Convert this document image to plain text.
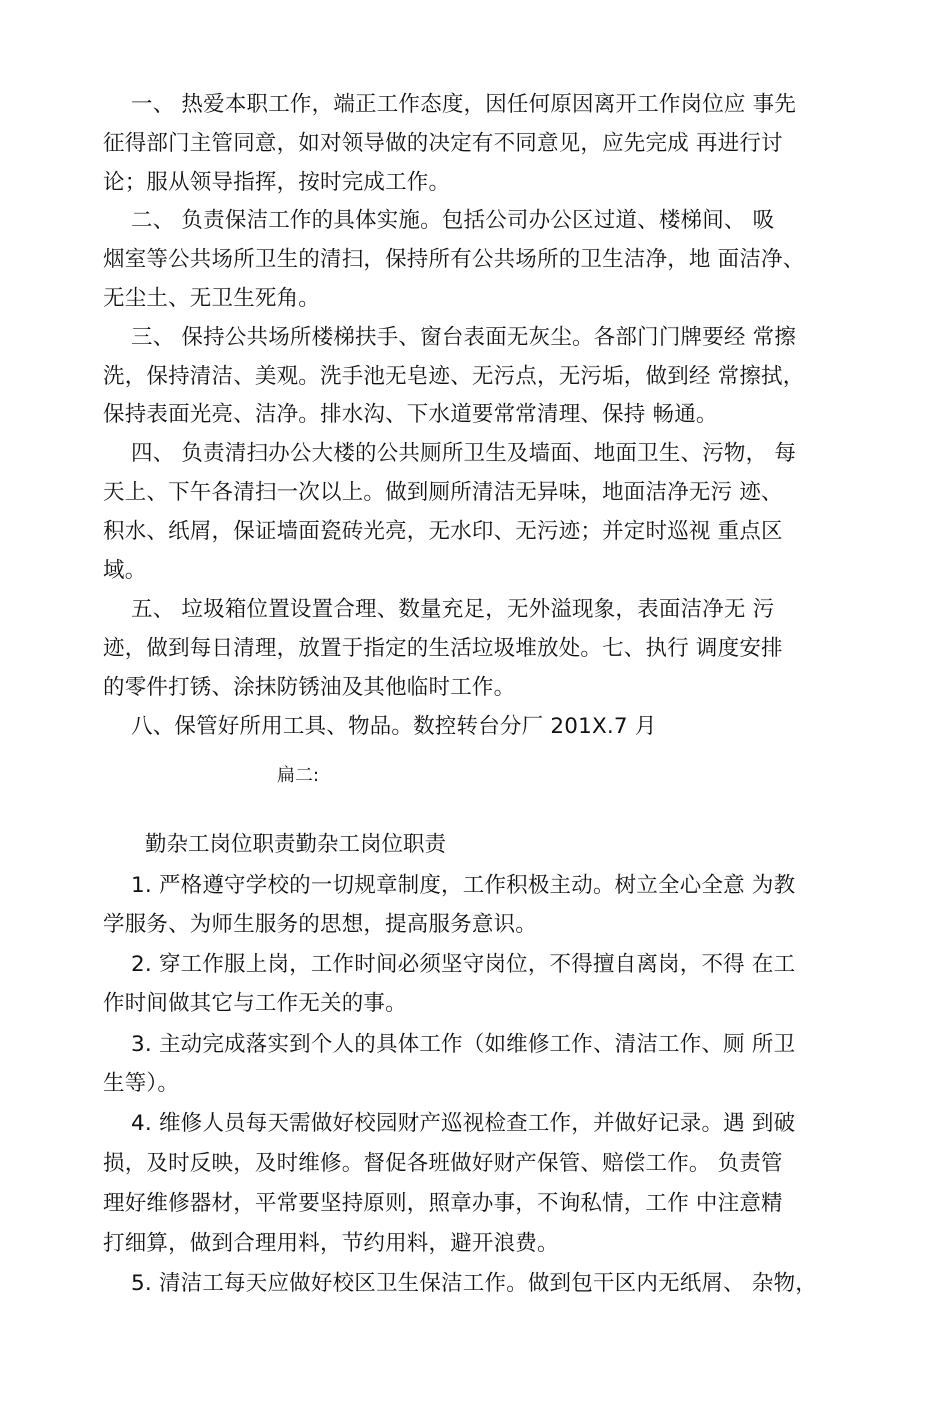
一、 热爱本职工作，端正工作态度，因任何原因离开工作岗位应 事先
征得部门主管同意，如对领导做的决定有不同意见，应先完成 再进行讨
论；服从领导指挥，按时完成工作。
二、 负责保洁工作的具体实施。包括公司办公区过道、楼梯间、 吸
烟室等公共场所卫生的清扫，保持所有公共场所的卫生洁净，地 面洁净、
无尘土、无卫生死角。
三、 保持公共场所楼梯扶手、窗台表面无灰尘。各部门门牌要经 常擦
洗，保持清洁、美观。洗手池无皂迹、无污点，无污垢，做到经 常擦拭，
保持表面光亮、洁净。排水沟、下水道要常常清理、保持 畅通。
四、 负责清扫办公大楼的公共厕所卫生及墙面、地面卫生、污物， 每
天上、下午各清扫一次以上。做到厕所清洁无异味，地面洁净无污 迹、
积水、纸屑，保证墙面瓷砖光亮，无水印、无污迹；并定时巡视 重点区
域。
五、 垃圾箱位置设置合理、数量充足，无外溢现象，表面洁净无 污
迹，做到每日清理，放置于指定的生活垃圾堆放处。七、执行 调度安排
的零件打锈、涂抹防锈油及其他临时工作。
八、保管好所用工具、物品。数控转台分厂 201X.7 月
扁二:
勤杂工岗位职责勤杂工岗位职责
1. 严格遵守学校的一切规章制度，工作积极主动。树立全心全意 为教
学服务、为师生服务的思想，提高服务意识。
2. 穿工作服上岗，工作时间必须坚守岗位，不得擅自离岗，不得 在工
作时间做其它与工作无关的事。
3. 主动完成落实到个人的具体工作（如维修工作、清洁工作、厕 所卫
生等）。
4. 维修人员每天需做好校园财产巡视检查工作，并做好记录。遇 到破
损，及时反映，及时维修。督促各班做好财产保管、赔偿工作。 负责管
理好维修器材，平常要坚持原则，照章办事，不询私情，工作 中注意精
打细算，做到合理用料，节约用料，避开浪费。
5. 清洁工每天应做好校区卫生保洁工作。做到包干区内无纸屑、 杂物，
